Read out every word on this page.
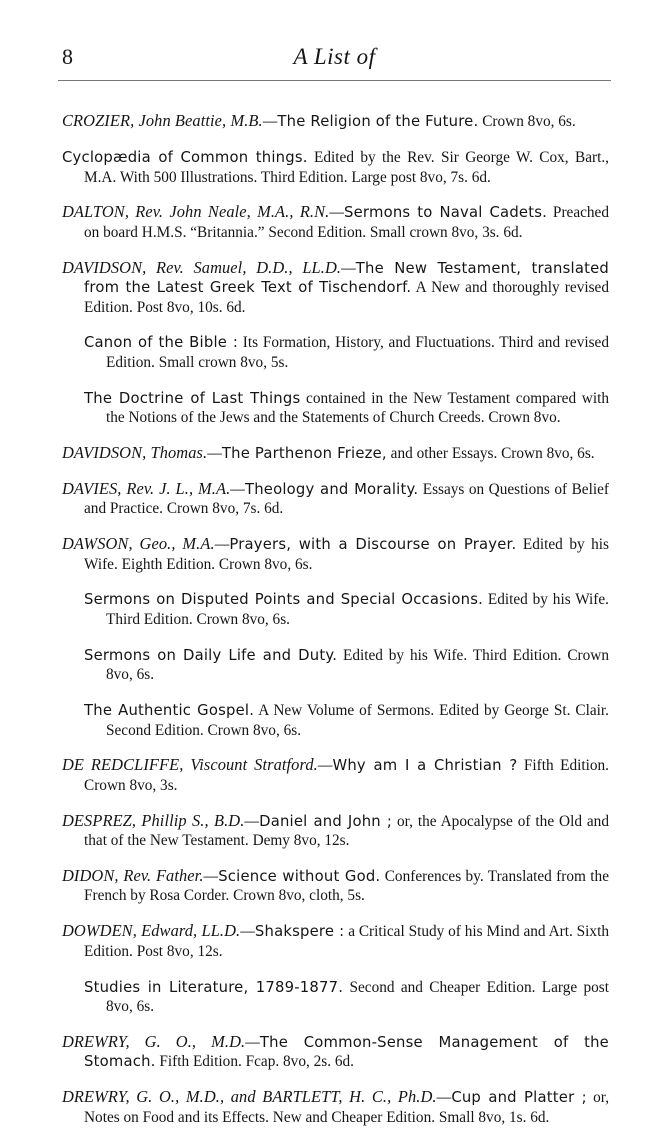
8	A List of

CROZIER, John Beattie, M.B.—The Religion of the Future. Crown 8vo, 6s.

Cyclopædia of Common things. Edited by the Rev. Sir George W. Cox, Bart., M.A. With 500 Illustrations. Third Edition. Large post 8vo, 7s. 6d.

DALTON, Rev. John Neale, M.A., R.N.—Sermons to Naval Cadets. Preached on board H.M.S. “Britannia.” Second Edition. Small crown 8vo, 3s. 6d.

DAVIDSON, Rev. Samuel, D.D., LL.D.—The New Testament, translated from the Latest Greek Text of Tischendorf. A New and thoroughly revised Edition. Post 8vo, 10s. 6d.

Canon of the Bible : Its Formation, History, and Fluctuations. Third and revised Edition. Small crown 8vo, 5s.

The Doctrine of Last Things contained in the New Testament compared with the Notions of the Jews and the Statements of Church Creeds. Crown 8vo.

DAVIDSON, Thomas.—The Parthenon Frieze, and other Essays. Crown 8vo, 6s.

DAVIES, Rev. J. L., M.A.—Theology and Morality. Essays on Questions of Belief and Practice. Crown 8vo, 7s. 6d.

DAWSON, Geo., M.A.—Prayers, with a Discourse on Prayer. Edited by his Wife. Eighth Edition. Crown 8vo, 6s.

Sermons on Disputed Points and Special Occasions. Edited by his Wife. Third Edition. Crown 8vo, 6s.

Sermons on Daily Life and Duty. Edited by his Wife. Third Edition. Crown 8vo, 6s.

The Authentic Gospel. A New Volume of Sermons. Edited by George St. Clair. Second Edition. Crown 8vo, 6s.

DE REDCLIFFE, Viscount Stratford.—Why am I a Christian ? Fifth Edition. Crown 8vo, 3s.

DESPREZ, Phillip S., B.D.—Daniel and John ; or, the Apocalypse of the Old and that of the New Testament. Demy 8vo, 12s.

DIDON, Rev. Father.—Science without God. Conferences by. Translated from the French by Rosa Corder. Crown 8vo, cloth, 5s.

DOWDEN, Edward, LL.D.—Shakspere : a Critical Study of his Mind and Art. Sixth Edition. Post 8vo, 12s.

Studies in Literature, 1789-1877. Second and Cheaper Edition. Large post 8vo, 6s.

DREWRY, G. O., M.D.—The Common-Sense Management of the Stomach. Fifth Edition. Fcap. 8vo, 2s. 6d.

DREWRY, G. O., M.D., and BARTLETT, H. C., Ph.D.—Cup and Platter ; or, Notes on Food and its Effects. New and Cheaper Edition. Small 8vo, 1s. 6d.
